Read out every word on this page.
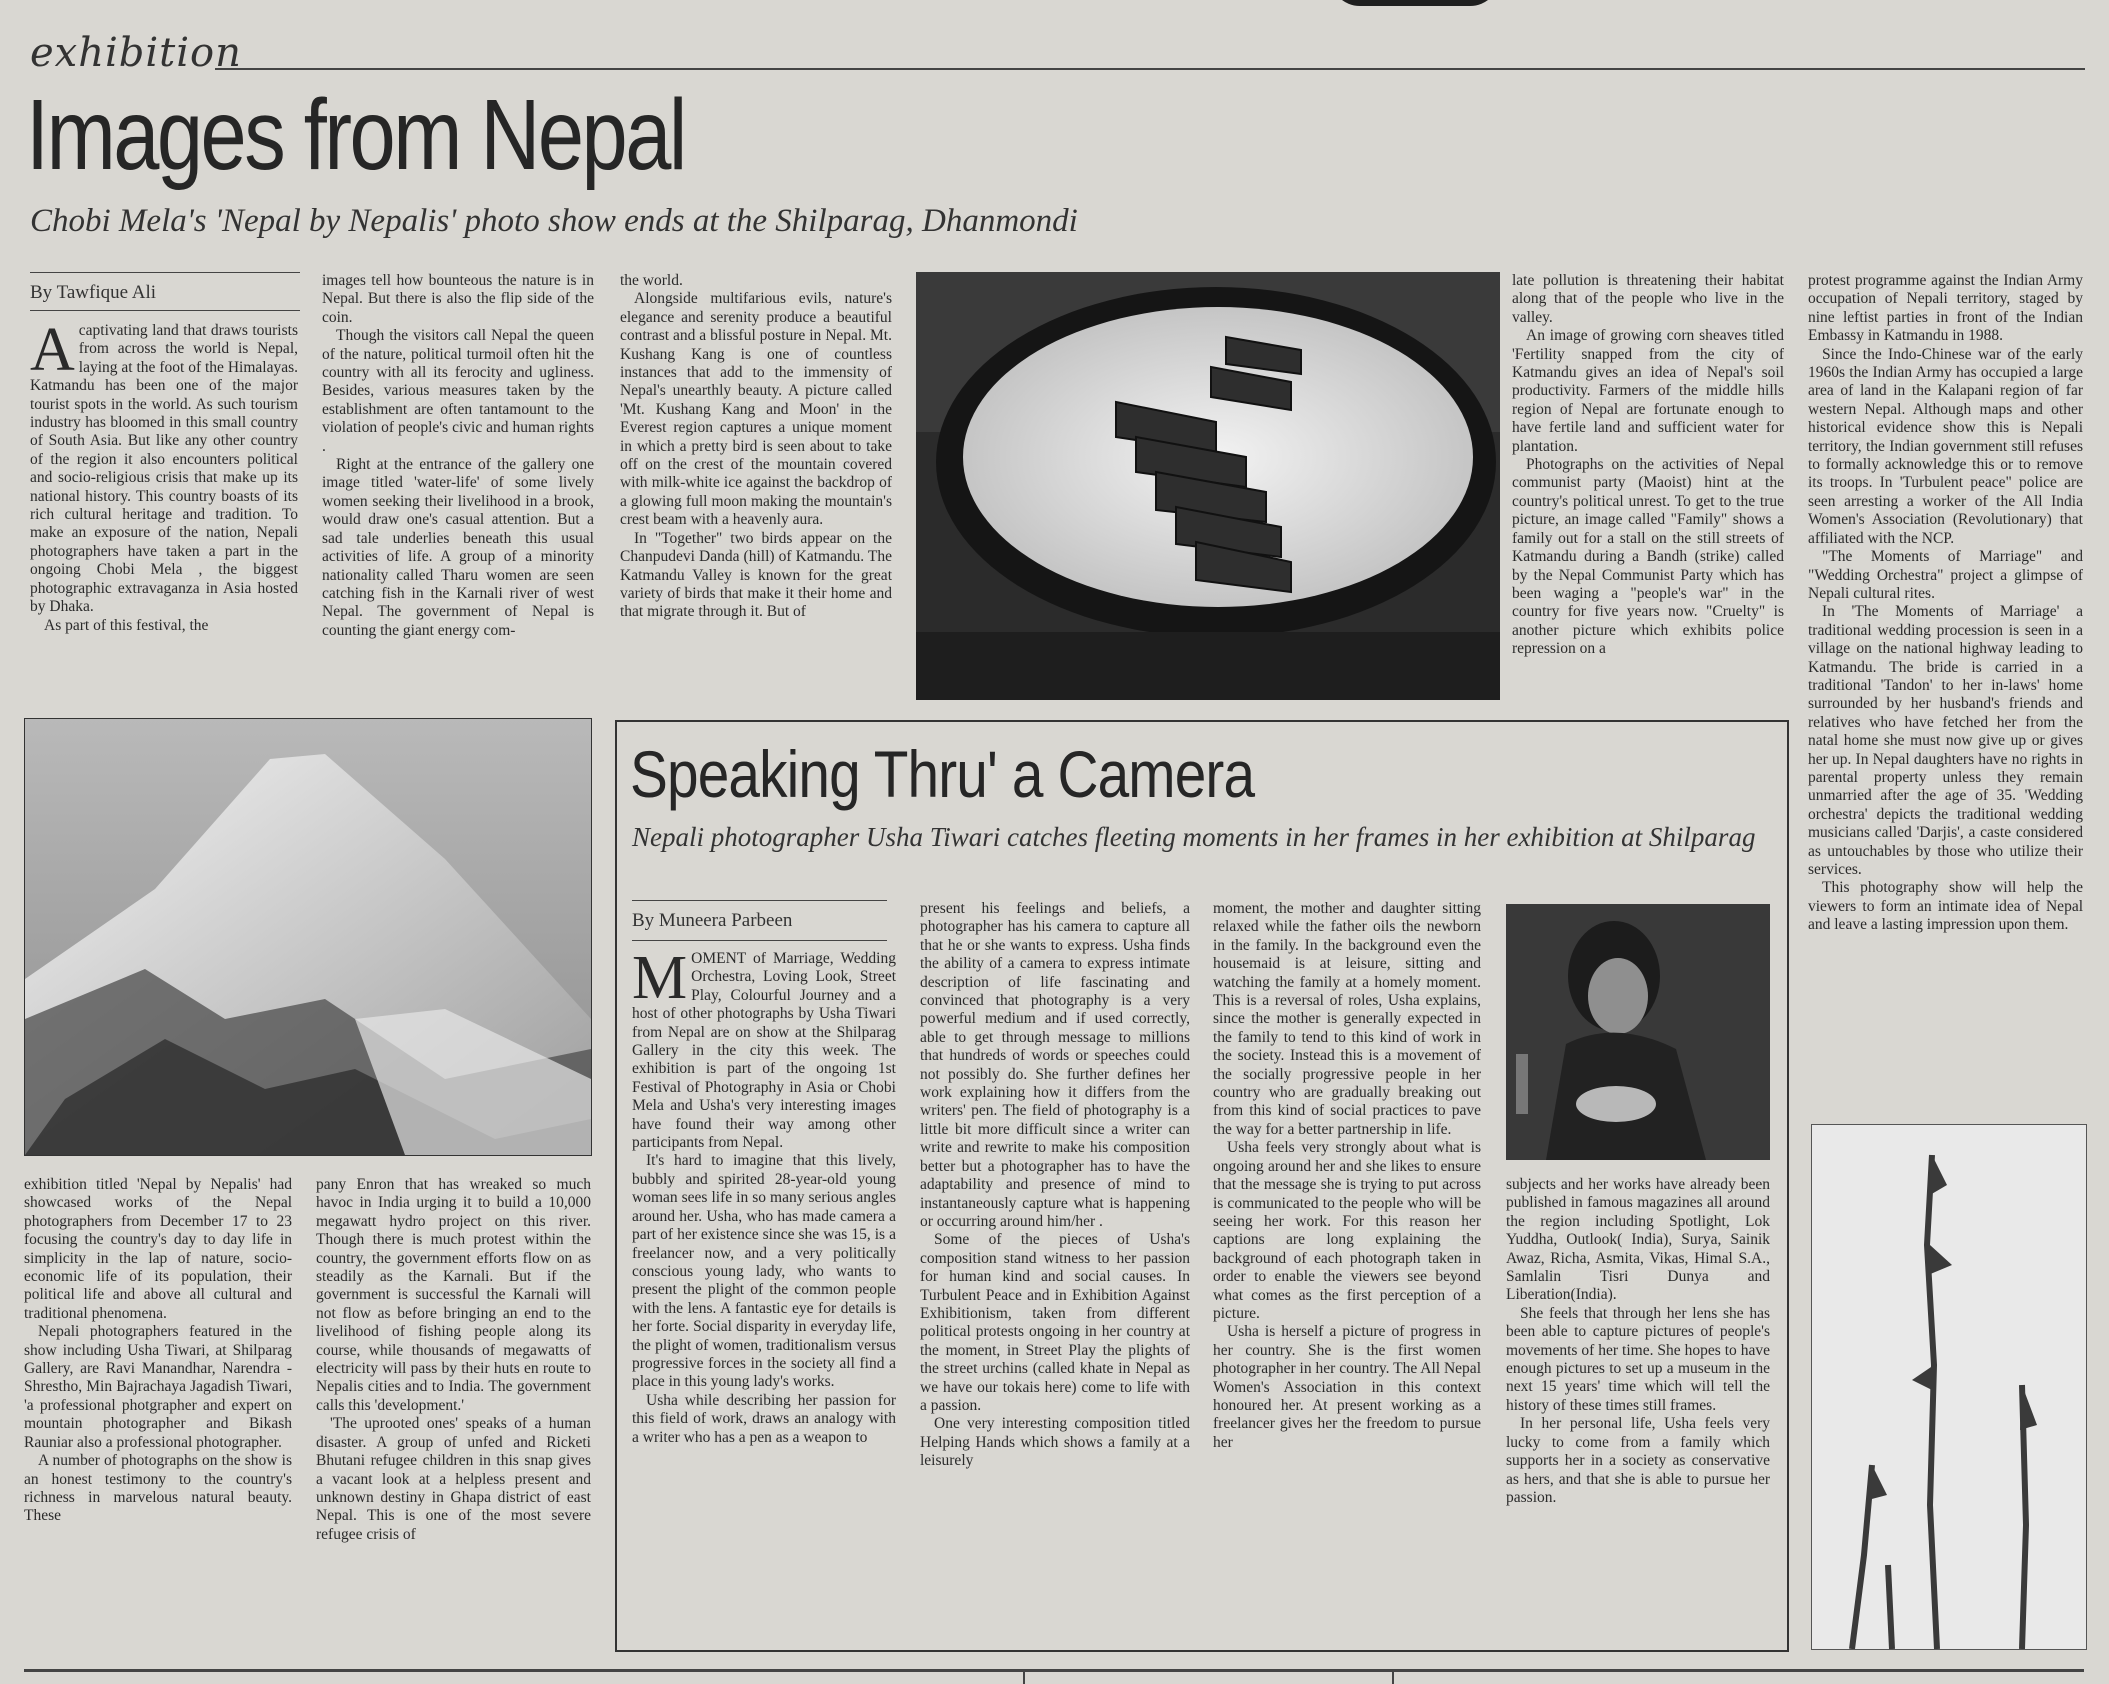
exhibition
Images from Nepal
Chobi Mela's 'Nepal by Nepalis' photo show ends at the Shilparag, Dhanmondi
By Tawfique Ali
A captivating land that draws tourists from across the world is Nepal, laying at the foot of the Himalayas. Katmandu has been one of the major tourist spots in the world. As such tourism industry has bloomed in this small country of South Asia. But like any other country of the region it also encounters political and socio-religious crisis that make up its national history. This country boasts of its rich cultural heritage and tradition. To make an exposure of the nation, Nepali photographers have taken a part in the ongoing Chobi Mela , the biggest photographic extravaganza in Asia hosted by Dhaka.

As part of this festival, the

images tell how bounteous the nature is in Nepal. But there is also the flip side of the coin.

Though the visitors call Nepal the queen of the nature, political turmoil often hit the country with all its ferocity and ugliness. Besides, various measures taken by the establishment are often tantamount to the violation of people's civic and human rights .

Right at the entrance of the gallery one image titled 'water-life' of some lively women seeking their livelihood in a brook, would draw one's casual attention. But a sad tale underlies beneath this usual activities of life. A group of a minority nationality called Tharu women are seen catching fish in the Karnali river of west Nepal. The government of Nepal is counting the giant energy com-

the world.

Alongside multifarious evils, nature's elegance and serenity produce a beautiful contrast and a blissful posture in Nepal. Mt. Kushang Kang is one of countless instances that add to the immensity of Nepal's unearthly beauty. A picture called 'Mt. Kushang Kang and Moon' in the Everest region captures a unique moment in which a pretty bird is seen about to take off on the crest of the mountain covered with milk-white ice against the backdrop of a glowing full moon making the mountain's crest beam with a heavenly aura.

In "Together" two birds appear on the Chanpudevi Danda (hill) of Katmandu. The Katmandu Valley is known for the great variety of birds that make it their home and that migrate through it. But of

late pollution is threatening their habitat along that of the people who live in the valley.

An image of growing corn sheaves titled 'Fertility snapped from the city of Katmandu gives an idea of Nepal's soil productivity. Farmers of the middle hills region of Nepal are fortunate enough to have fertile land and sufficient water for plantation.

Photographs on the activities of Nepal communist party (Maoist) hint at the country's political unrest. To get to the true picture, an image called "Family" shows a family out for a stall on the still streets of Katmandu during a Bandh (strike) called by the Nepal Communist Party which has been waging a "people's war" in the country for five years now. "Cruelty" is another picture which exhibits police repression on a

protest programme against the Indian Army occupation of Nepali territory, staged by nine leftist parties in front of the Indian Embassy in Katmandu in 1988.

Since the Indo-Chinese war of the early 1960s the Indian Army has occupied a large area of land in the Kalapani region of far western Nepal. Although maps and other historical evidence show this is Nepali territory, the Indian government still refuses to formally acknowledge this or to remove its troops. In 'Turbulent peace" police are seen arresting a worker of the All India Women's Association (Revolutionary) that affiliated with the NCP.

"The Moments of Marriage" and "Wedding Orchestra" project a glimpse of Nepali cultural rites.

In 'The Moments of Marriage' a traditional wedding procession is seen in a village on the national highway leading to Katmandu. The bride is carried in a traditional 'Tandon' to her in-laws' home surrounded by her husband's friends and relatives who have fetched her from the natal home she must now give up or gives her up. In Nepal daughters have no rights in parental property unless they remain unmarried after the age of 35. 'Wedding orchestra' depicts the traditional wedding musicians called 'Darjis', a caste considered as untouchables by those who utilize their services.

This photography show will help the viewers to form an intimate idea of Nepal and leave a lasting impression upon them.

exhibition titled 'Nepal by Nepalis' had showcased works of the Nepal photographers from December 17 to 23 focusing the country's day to day life in simplicity in the lap of nature, socio-economic life of its population, their political life and above all cultural and traditional phenomena.

Nepali photographers featured in the show including Usha Tiwari, at Shilparag Gallery, are Ravi Manandhar, Narendra -Shrestho, Min Bajrachaya Jagadish Tiwari, 'a professional photgrapher and expert on mountain photographer and Bikash Rauniar also a professional photographer.

A number of photographs on the show is an honest testimony to the country's richness in marvelous natural beauty. These

pany Enron that has wreaked so much havoc in India urging it to build a 10,000 megawatt hydro project on this river. Though there is much protest within the country, the government efforts flow on as steadily as the Karnali. But if the government is successful the Karnali will not flow as before bringing an end to the livelihood of fishing people along its course, while thousands of megawatts of electricity will pass by their huts en route to Nepalis cities and to India. The government calls this 'development.'

'The uprooted ones' speaks of a human disaster. A group of unfed and Ricketi Bhutani refugee children in this snap gives a vacant look at a helpless present and unknown destiny in Ghapa district of east Nepal. This is one of the most severe refugee crisis of

Speaking Thru' a Camera
Nepali photographer Usha Tiwari catches fleeting moments in her frames in her exhibition at Shilparag
By Muneera Parbeen
M OMENT of Marriage, Wedding Orchestra, Loving Look, Street Play, Colourful Journey and a host of other photographs by Usha Tiwari from Nepal are on show at the Shilparag Gallery in the city this week. The exhibition is part of the ongoing 1st Festival of Photography in Asia or Chobi Mela and Usha's very interesting images have found their way among other participants from Nepal.

It's hard to imagine that this lively, bubbly and spirited 28-year-old young woman sees life in so many serious angles around her. Usha, who has made camera a part of her existence since she was 15, is a freelancer now, and a very politically conscious young lady, who wants to present the plight of the common people with the lens. A fantastic eye for details is her forte. Social disparity in everyday life, the plight of women, traditionalism versus progressive forces in the society all find a place in this young lady's works.

Usha while describing her passion for this field of work, draws an analogy with a writer who has a pen as a weapon to

present his feelings and beliefs, a photographer has his camera to capture all that he or she wants to express. Usha finds the ability of a camera to express intimate description of life fascinating and convinced that photography is a very powerful medium and if used correctly, able to get through message to millions that hundreds of words or speeches could not possibly do. She further defines her work explaining how it differs from the writers' pen. The field of photography is a little bit more difficult since a writer can write and rewrite to make his composition better but a photographer has to have the adaptability and presence of mind to instantaneously capture what is happening or occurring around him/her .

Some of the pieces of Usha's composition stand witness to her passion for human kind and social causes. In Turbulent Peace and in Exhibition Against Exhibitionism, taken from different political protests ongoing in her country at the moment, in Street Play the plights of the street urchins (called khate in Nepal as we have our tokais here) come to life with a passion.

One very interesting composition titled Helping Hands which shows a family at a leisurely

moment, the mother and daughter sitting relaxed while the father oils the newborn in the family. In the background even the housemaid is at leisure, sitting and watching the family at a homely moment. This is a reversal of roles, Usha explains, since the mother is generally expected in the family to tend to this kind of work in the society. Instead this is a movement of the socially progressive people in her country who are gradually breaking out from this kind of social practices to pave the way for a better partnership in life.

Usha feels very strongly about what is ongoing around her and she likes to ensure that the message she is trying to put across is communicated to the people who will be seeing her work. For this reason her captions are long explaining the background of each photograph taken in order to enable the viewers see beyond what comes as the first perception of a picture.

Usha is herself a picture of progress in her country. She is the first women photographer in her country. The All Nepal Women's Association in this context honoured her. At present working as a freelancer gives her the freedom to pursue her

subjects and her works have already been published in famous magazines all around the region including Spotlight, Lok Yuddha, Outlook( India), Surya, Sainik Awaz, Richa, Asmita, Vikas, Himal S.A., Samlalin Tisri Dunya and Liberation(India).

She feels that through her lens she has been able to capture pictures of people's movements of her time. She hopes to have enough pictures to set up a museum in the next 15 years' time which will tell the history of these times still frames.

In her personal life, Usha feels very lucky to come from a family which supports her in a society as conservative as hers, and that she is able to pursue her passion.
